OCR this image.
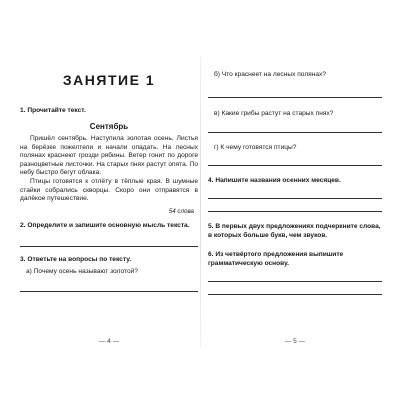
ЗАНЯТИЕ 1
1. Прочитайте текст.
Сентябрь

Пришёл сентябрь. Наступила золотая осень. Листья на берёзке пожелтели и начали опадать. На лесных полянах краснеют грозди рябины. Ветер гонит по дороге разноцветные листочки. На старых пнях растут опята. По небу быстро бегут облака.

Птицы готовятся к отлёту в тёплые края. В шумные стайки собрались скворцы. Скоро они отправятся в далёкое путешествие.

54 слова
2. Определите и запишите основную мысль текста.
3. Ответьте на вопросы по тексту.
а) Почему осень называют золотой?
— 4 —
б) Что краснеет на лесных полянах?
в) Какие грибы растут на старых пнях?
г) К чему готовятся птицы?
4. Напишите названия осенних месяцев.
5. В первых двух предложениях подчеркните слова, в которых больше букв, чем звуков.
6. Из четвёртого предложения выпишите грамматическую основу.
— 5 —
